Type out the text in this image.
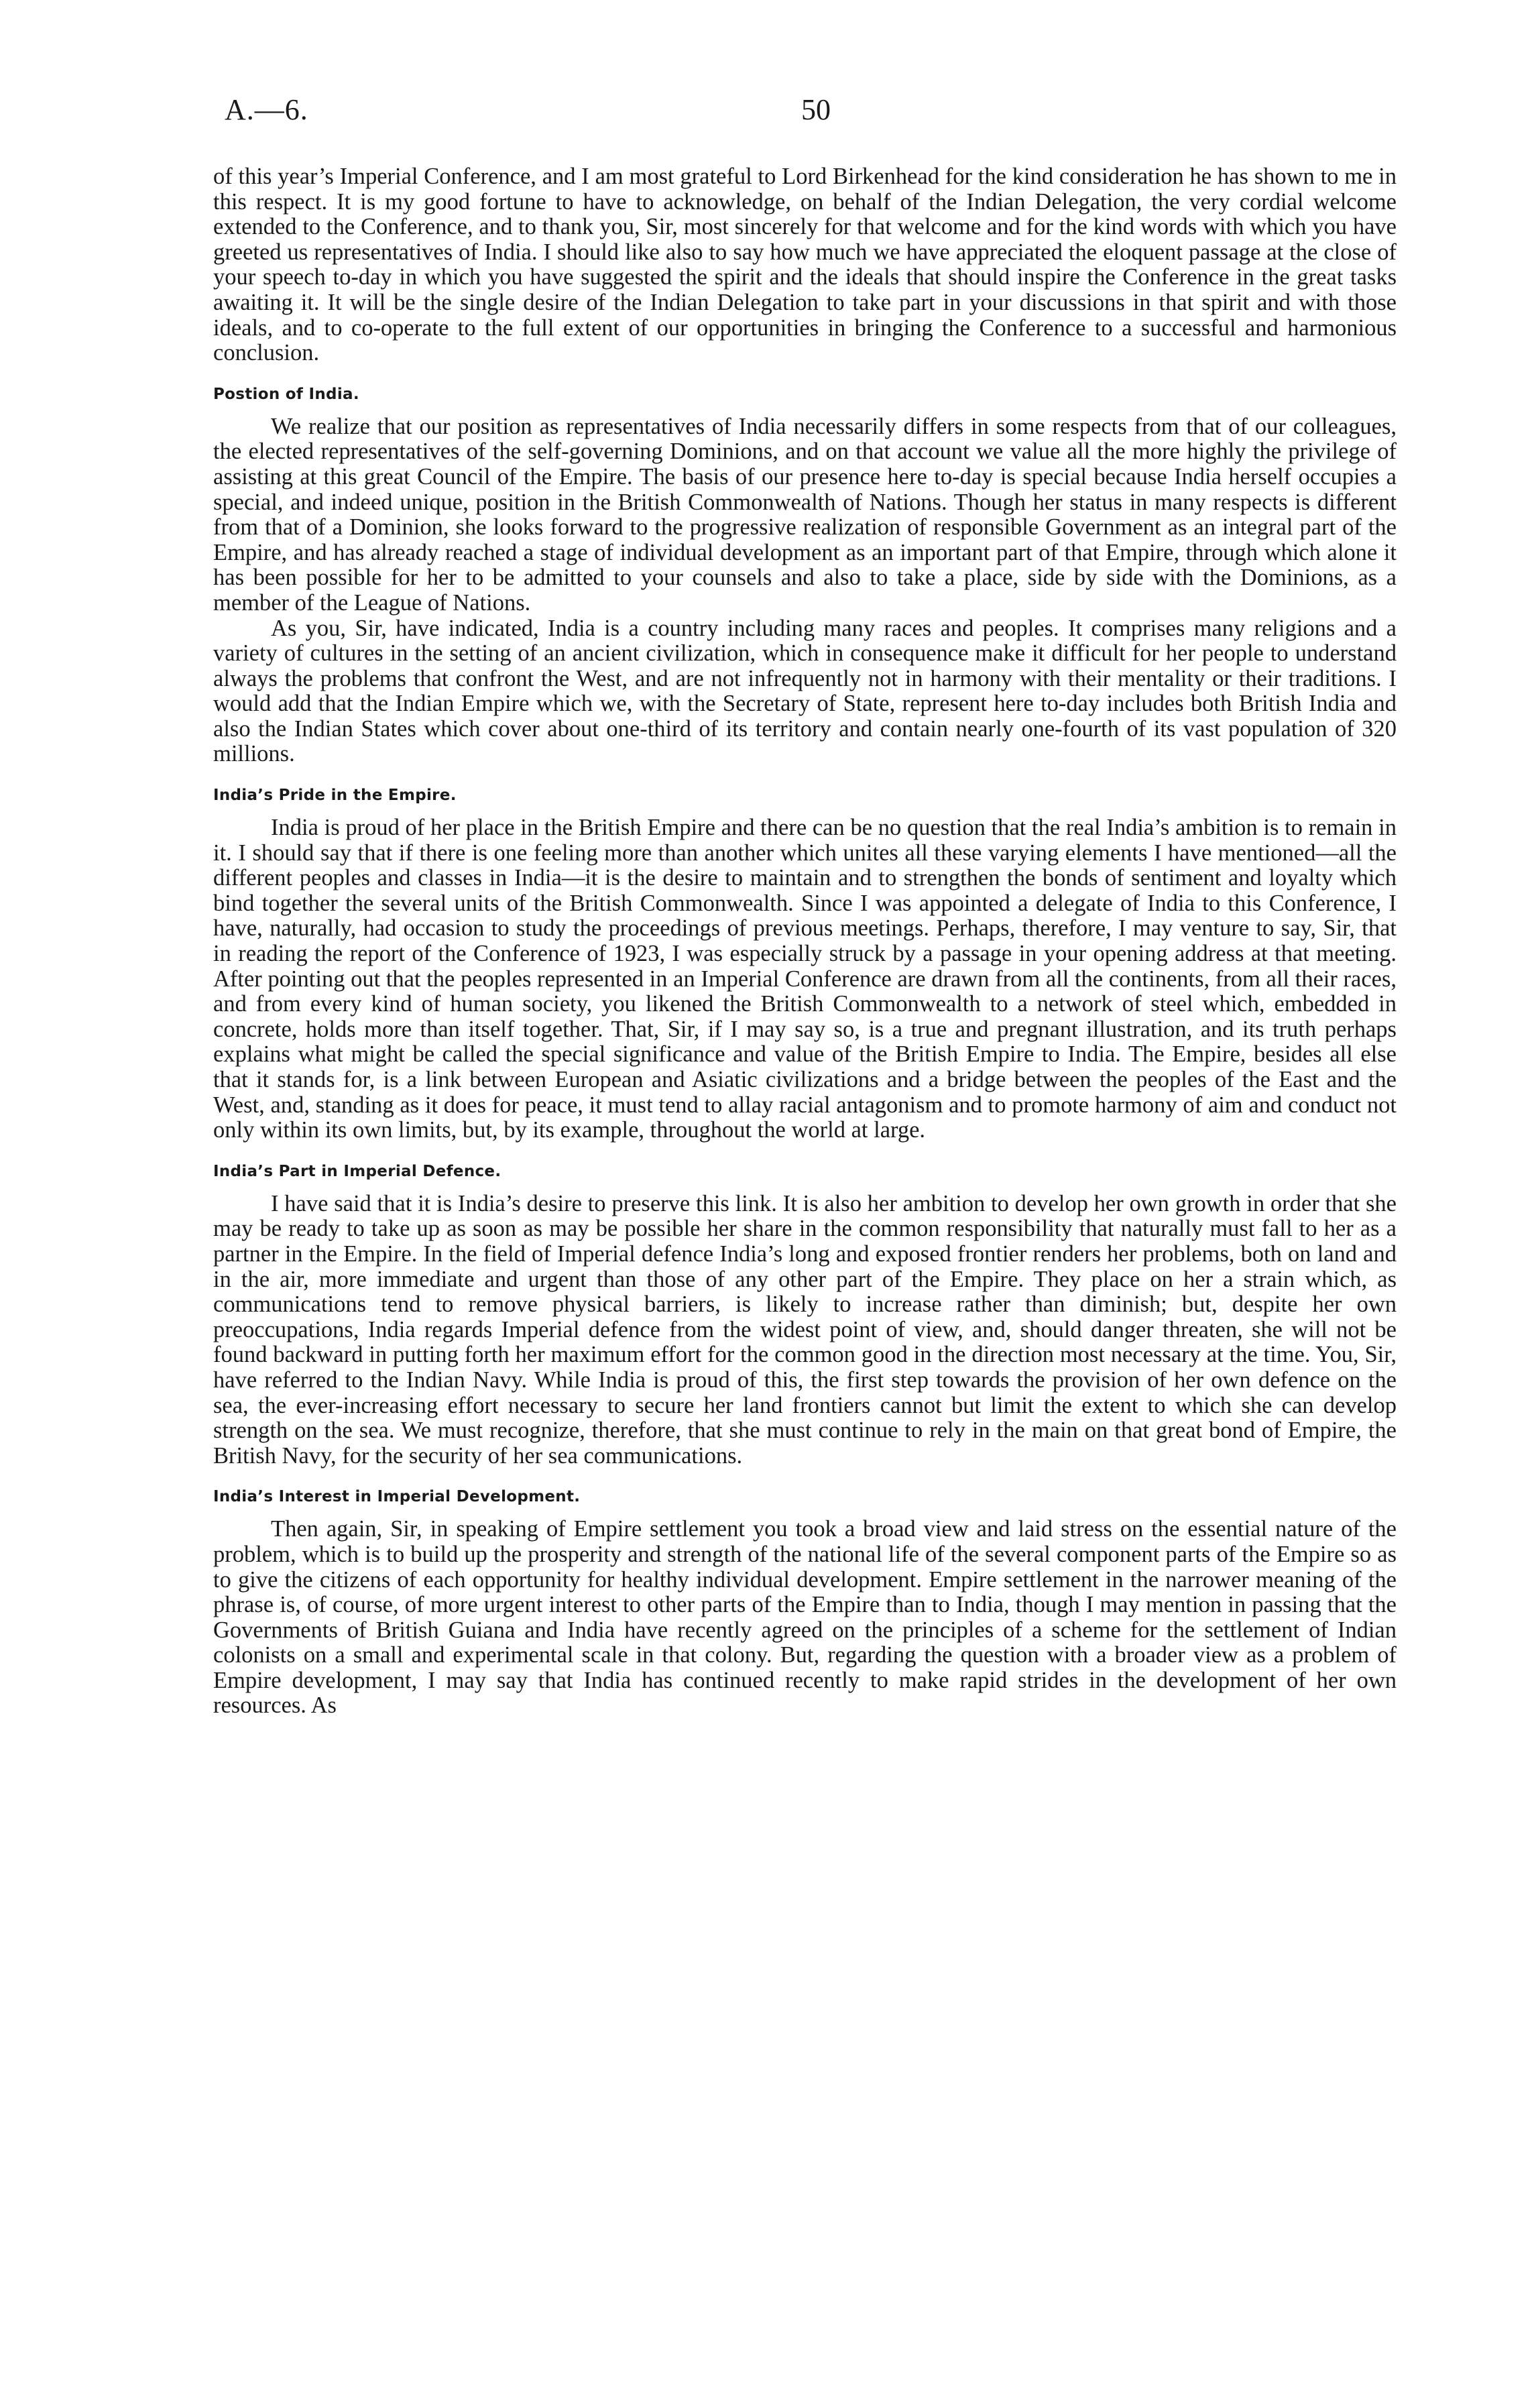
A.—6.	50

of this year’s Imperial Conference, and I am most grateful to Lord Birkenhead for the kind consideration he has shown to me in this respect. It is my good fortune to have to acknowledge, on behalf of the Indian Delegation, the very cordial welcome extended to the Conference, and to thank you, Sir, most sincerely for that welcome and for the kind words with which you have greeted us representatives of India. I should like also to say how much we have appreciated the eloquent passage at the close of your speech to-day in which you have suggested the spirit and the ideals that should inspire the Conference in the great tasks awaiting it. It will be the single desire of the Indian Delegation to take part in your discussions in that spirit and with those ideals, and to co-operate to the full extent of our opportunities in bringing the Conference to a successful and harmonious conclusion.

Postion of India.

We realize that our position as representatives of India necessarily differs in some respects from that of our colleagues, the elected representatives of the self-governing Dominions, and on that account we value all the more highly the privilege of assisting at this great Council of the Empire. The basis of our presence here to-day is special because India herself occupies a special, and indeed unique, position in the British Commonwealth of Nations. Though her status in many respects is different from that of a Dominion, she looks forward to the progressive realization of responsible Government as an integral part of the Empire, and has already reached a stage of individual development as an important part of that Empire, through which alone it has been possible for her to be admitted to your counsels and also to take a place, side by side with the Dominions, as a member of the League of Nations.

As you, Sir, have indicated, India is a country including many races and peoples. It comprises many religions and a variety of cultures in the setting of an ancient civilization, which in consequence make it difficult for her people to understand always the problems that confront the West, and are not infrequently not in harmony with their mentality or their traditions. I would add that the Indian Empire which we, with the Secretary of State, represent here to-day includes both British India and also the Indian States which cover about one-third of its territory and contain nearly one-fourth of its vast population of 320 millions.

India’s Pride in the Empire.

India is proud of her place in the British Empire and there can be no question that the real India’s ambition is to remain in it. I should say that if there is one feeling more than another which unites all these varying elements I have mentioned—all the different peoples and classes in India—it is the desire to maintain and to strengthen the bonds of sentiment and loyalty which bind together the several units of the British Commonwealth. Since I was appointed a delegate of India to this Conference, I have, naturally, had occasion to study the proceedings of previous meetings. Perhaps, therefore, I may venture to say, Sir, that in reading the report of the Conference of 1923, I was especially struck by a passage in your opening address at that meeting. After pointing out that the peoples represented in an Imperial Conference are drawn from all the continents, from all their races, and from every kind of human society, you likened the British Commonwealth to a network of steel which, embedded in concrete, holds more than itself together. That, Sir, if I may say so, is a true and pregnant illustration, and its truth perhaps explains what might be called the special significance and value of the British Empire to India. The Empire, besides all else that it stands for, is a link between European and Asiatic civilizations and a bridge between the peoples of the East and the West, and, standing as it does for peace, it must tend to allay racial antagonism and to promote harmony of aim and conduct not only within its own limits, but, by its example, throughout the world at large.

India’s Part in Imperial Defence.

I have said that it is India’s desire to preserve this link. It is also her ambition to develop her own growth in order that she may be ready to take up as soon as may be possible her share in the common responsibility that naturally must fall to her as a partner in the Empire. In the field of Imperial defence India’s long and exposed frontier renders her problems, both on land and in the air, more immediate and urgent than those of any other part of the Empire. They place on her a strain which, as communications tend to remove physical barriers, is likely to increase rather than diminish; but, despite her own preoccupations, India regards Imperial defence from the widest point of view, and, should danger threaten, she will not be found backward in putting forth her maximum effort for the common good in the direction most necessary at the time. You, Sir, have referred to the Indian Navy. While India is proud of this, the first step towards the provision of her own defence on the sea, the ever-increasing effort necessary to secure her land frontiers cannot but limit the extent to which she can develop strength on the sea. We must recognize, therefore, that she must continue to rely in the main on that great bond of Empire, the British Navy, for the security of her sea communications.

India’s Interest in Imperial Development.

Then again, Sir, in speaking of Empire settlement you took a broad view and laid stress on the essential nature of the problem, which is to build up the prosperity and strength of the national life of the several component parts of the Empire so as to give the citizens of each opportunity for healthy individual development. Empire settlement in the narrower meaning of the phrase is, of course, of more urgent interest to other parts of the Empire than to India, though I may mention in passing that the Governments of British Guiana and India have recently agreed on the principles of a scheme for the settlement of Indian colonists on a small and experimental scale in that colony. But, regarding the question with a broader view as a problem of Empire development, I may say that India has continued recently to make rapid strides in the development of her own resources. As
